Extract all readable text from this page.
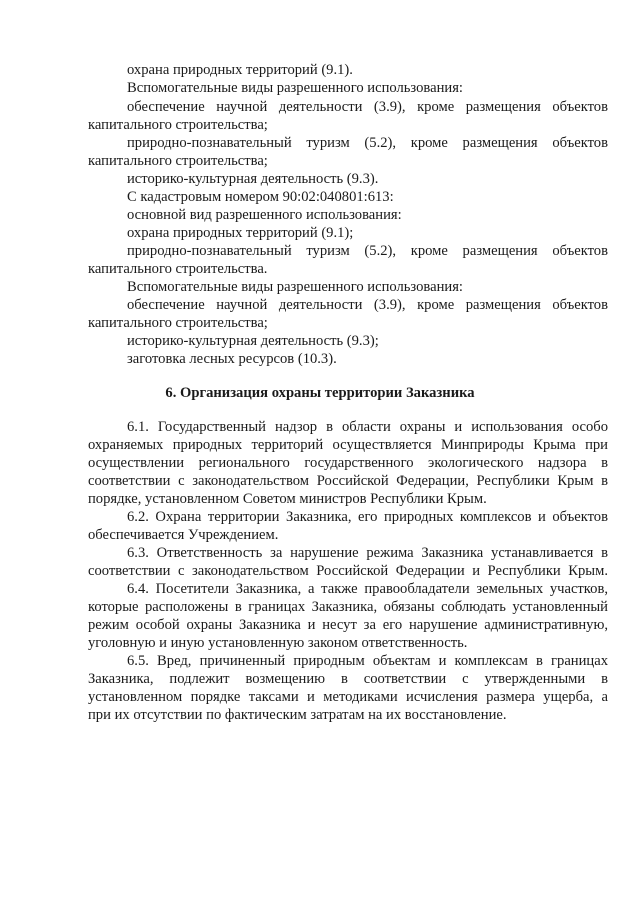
охрана природных территорий (9.1).
Вспомогательные виды разрешенного использования:
обеспечение научной деятельности (3.9), кроме размещения объектов
капитального строительства;
природно-познавательный туризм (5.2), кроме размещения объектов
капитального строительства;
историко-культурная деятельность (9.3).
С кадастровым номером 90:02:040801:613:
основной вид разрешенного использования:
охрана природных территорий (9.1);
природно-познавательный туризм (5.2), кроме размещения объектов
капитального строительства.
Вспомогательные виды разрешенного использования:
обеспечение научной деятельности (3.9), кроме размещения объектов
капитального строительства;
историко-культурная деятельность (9.3);
заготовка лесных ресурсов (10.3).
6. Организация охраны территории Заказника
6.1. Государственный надзор в области охраны и использования особо
охраняемых природных территорий осуществляется Минприроды Крыма при
осуществлении регионального государственного экологического надзора в
соответствии с законодательством Российской Федерации, Республики Крым в
порядке, установленном Советом министров Республики Крым.
6.2. Охрана территории Заказника, его природных комплексов и объектов
обеспечивается Учреждением.
6.3. Ответственность за нарушение режима Заказника устанавливается в
соответствии с законодательством Российской Федерации и Республики Крым.
6.4. Посетители Заказника, а также правообладатели земельных участков,
которые расположены в границах Заказника, обязаны соблюдать установленный
режим особой охраны Заказника и несут за его нарушение административную,
уголовную и иную установленную законом ответственность.
6.5. Вред, причиненный природным объектам и комплексам в границах
Заказника, подлежит возмещению в соответствии с утвержденными в
установленном порядке таксами и методиками исчисления размера ущерба, а
при их отсутствии по фактическим затратам на их восстановление.
